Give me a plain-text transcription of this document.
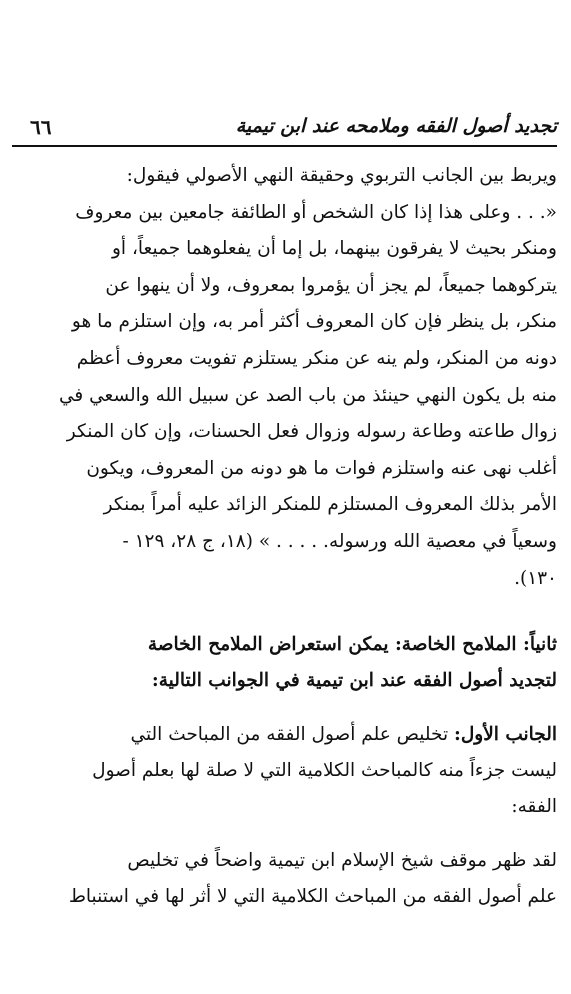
تجديد أصول الفقه وملامحه عند ابن تيمية
٦٦
ويربط بين الجانب التربوي وحقيقة النهي الأصولي فيقول:
«. . . وعلى هذا إذا كان الشخص أو الطائفة جامعين بين معروف
ومنكر بحيث لا يفرقون بينهما، بل إما أن يفعلوهما جميعاً، أو
يتركوهما جميعاً، لم يجز أن يؤمروا بمعروف، ولا أن ينهوا عن
منكر، بل ينظر فإن كان المعروف أكثر أمر به، وإن استلزم ما هو
دونه من المنكر، ولم ينه عن منكر يستلزم تفويت معروف أعظم
منه بل يكون النهي حينئذ من باب الصد عن سبيل الله والسعي في
زوال طاعته وطاعة رسوله وزوال فعل الحسنات، وإن كان المنكر
أغلب نهى عنه واستلزم فوات ما هو دونه من المعروف، ويكون
الأمر بذلك المعروف المستلزم للمنكر الزائد عليه أمراً بمنكر
وسعياً في معصية الله ورسوله. . . . . » (١٨، ج ٢٨، ١٢٩ -
١٣٠).
ثانياً: الملامح الخاصة: يمكن استعراض الملامح الخاصة
لتجديد أصول الفقه عند ابن تيمية في الجوانب التالية:
الجانب الأول: تخليص علم أصول الفقه من المباحث التي
ليست جزءاً منه كالمباحث الكلامية التي لا صلة لها بعلم أصول
الفقه:
لقد ظهر موقف شيخ الإسلام ابن تيمية واضحاً في تخليص
علم أصول الفقه من المباحث الكلامية التي لا أثر لها في استنباط
